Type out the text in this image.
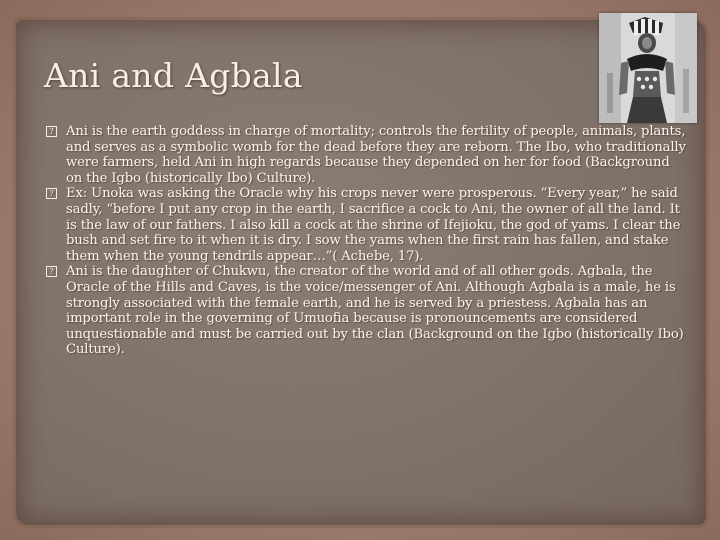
Ani and Agbala
? Ani is the earth goddess in charge of mortality; controls the fertility of people, animals, plants, and serves as a symbolic womb for the dead before they are reborn. The Ibo, who traditionally were farmers, held Ani in high regards because they depended on her for food (Background on the Igbo (historically Ibo) Culture).
? Ex: Unoka was asking the Oracle why his crops never were prosperous. “Every year,” he said sadly, “before I put any crop in the earth, I sacrifice a cock to Ani, the owner of all the land. It is the law of our fathers. I also kill a cock at the shrine of Ifejioku, the god of yams. I clear the bush and set fire to it when it is dry. I sow the yams when the first rain has fallen, and stake them when the young tendrils appear…”( Achebe, 17).
? Ani is the daughter of Chukwu, the creator of the world and of all other gods. Agbala, the Oracle of the Hills and Caves, is the voice/messenger of Ani. Although Agbala is a male, he is strongly associated with the female earth, and he is served by a priestess. Agbala has an important role in the governing of Umuofia because is pronouncements are considered unquestionable and must be carried out by the clan (Background on the Igbo (historically Ibo) Culture).
